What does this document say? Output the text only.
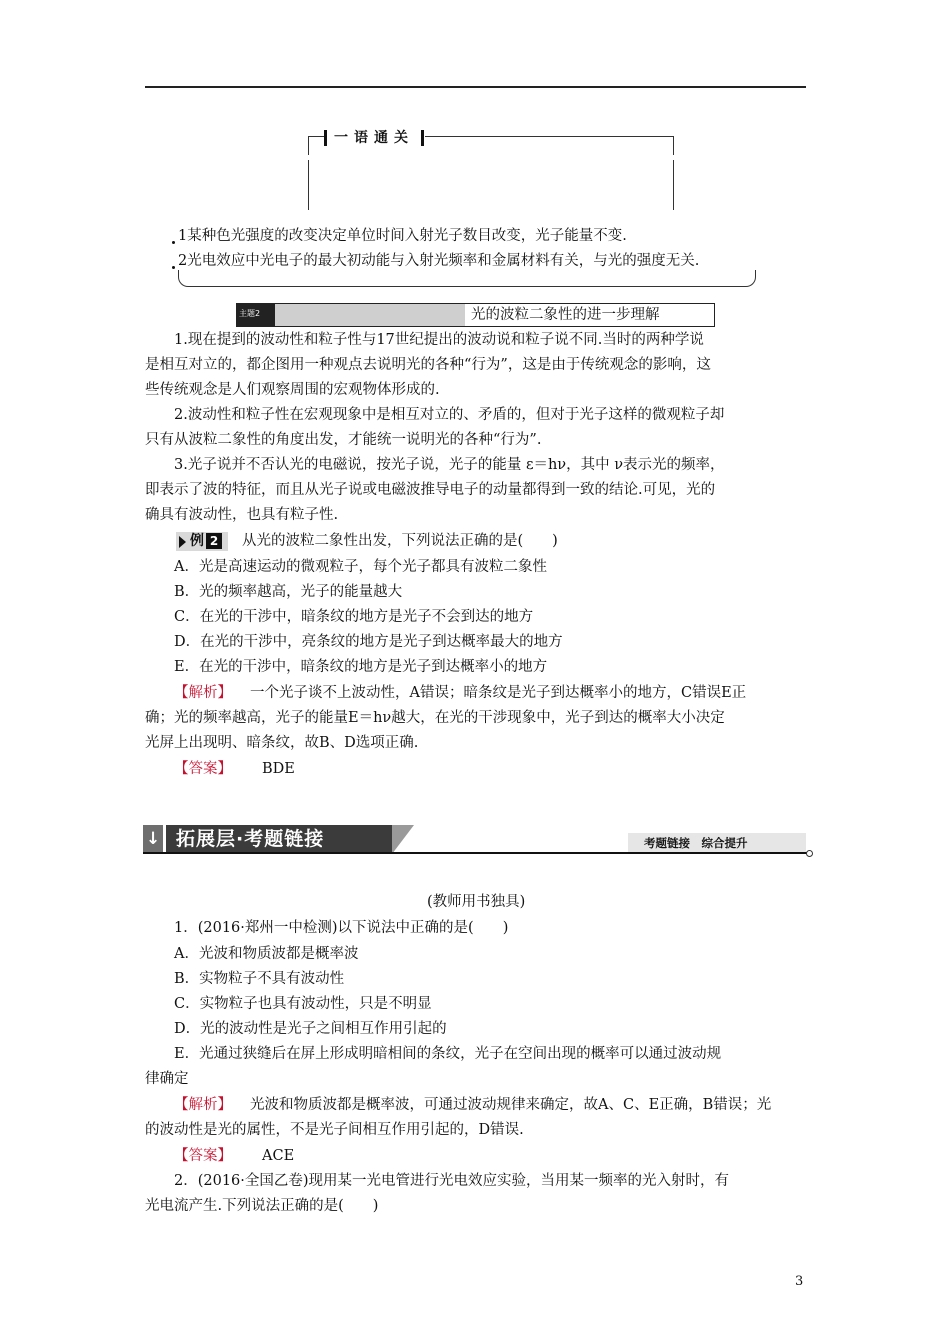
一语通关
1某种色光强度的改变决定单位时间入射光子数目改变，光子能量不变.
2光电效应中光电子的最大初动能与入射光频率和金属材料有关，与光的强度无关.
主题2	光的波粒二象性的进一步理解
1.现在提到的波动性和粒子性与17世纪提出的波动说和粒子说不同.当时的两种学说
是相互对立的，都企图用一种观点去说明光的各种“行为”，这是由于传统观念的影响，这
些传统观念是人们观察周围的宏观物体形成的.
2.波动性和粒子性在宏观现象中是相互对立的、矛盾的，但对于光子这样的微观粒子却
只有从波粒二象性的角度出发，才能统一说明光的各种“行为”.
3.光子说并不否认光的电磁说，按光子说，光子的能量 ε＝hν，其中 ν表示光的频率，
即表示了波的特征，而且从光子说或电磁波推导电子的动量都得到一致的结论.可见，光的
确具有波动性，也具有粒子性.
例 2 从光的波粒二象性出发，下列说法正确的是(　　)
A．光是高速运动的微观粒子，每个光子都具有波粒二象性
B．光的频率越高，光子的能量越大
C．在光的干涉中，暗条纹的地方是光子不会到达的地方
D．在光的干涉中，亮条纹的地方是光子到达概率最大的地方
E．在光的干涉中，暗条纹的地方是光子到达概率小的地方
【解析】 一个光子谈不上波动性，A错误；暗条纹是光子到达概率小的地方，C错误E正
确；光的频率越高，光子的能量E＝hν越大，在光的干涉现象中，光子到达的概率大小决定
光屏上出现明、暗条纹，故B、D选项正确.
【答案】 BDE
↓ 拓展层·考题链接	考题链接　综合提升
(教师用书独具)
1．(2016·郑州一中检测)以下说法中正确的是(　　)
A．光波和物质波都是概率波
B．实物粒子不具有波动性
C．实物粒子也具有波动性，只是不明显
D．光的波动性是光子之间相互作用引起的
E．光通过狭缝后在屏上形成明暗相间的条纹，光子在空间出现的概率可以通过波动规
律确定
【解析】 光波和物质波都是概率波，可通过波动规律来确定，故A、C、E正确，B错误；光
的波动性是光的属性，不是光子间相互作用引起的，D错误.
【答案】 ACE
2．(2016·全国乙卷)现用某一光电管进行光电效应实验，当用某一频率的光入射时，有
光电流产生.下列说法正确的是(　　)
3
